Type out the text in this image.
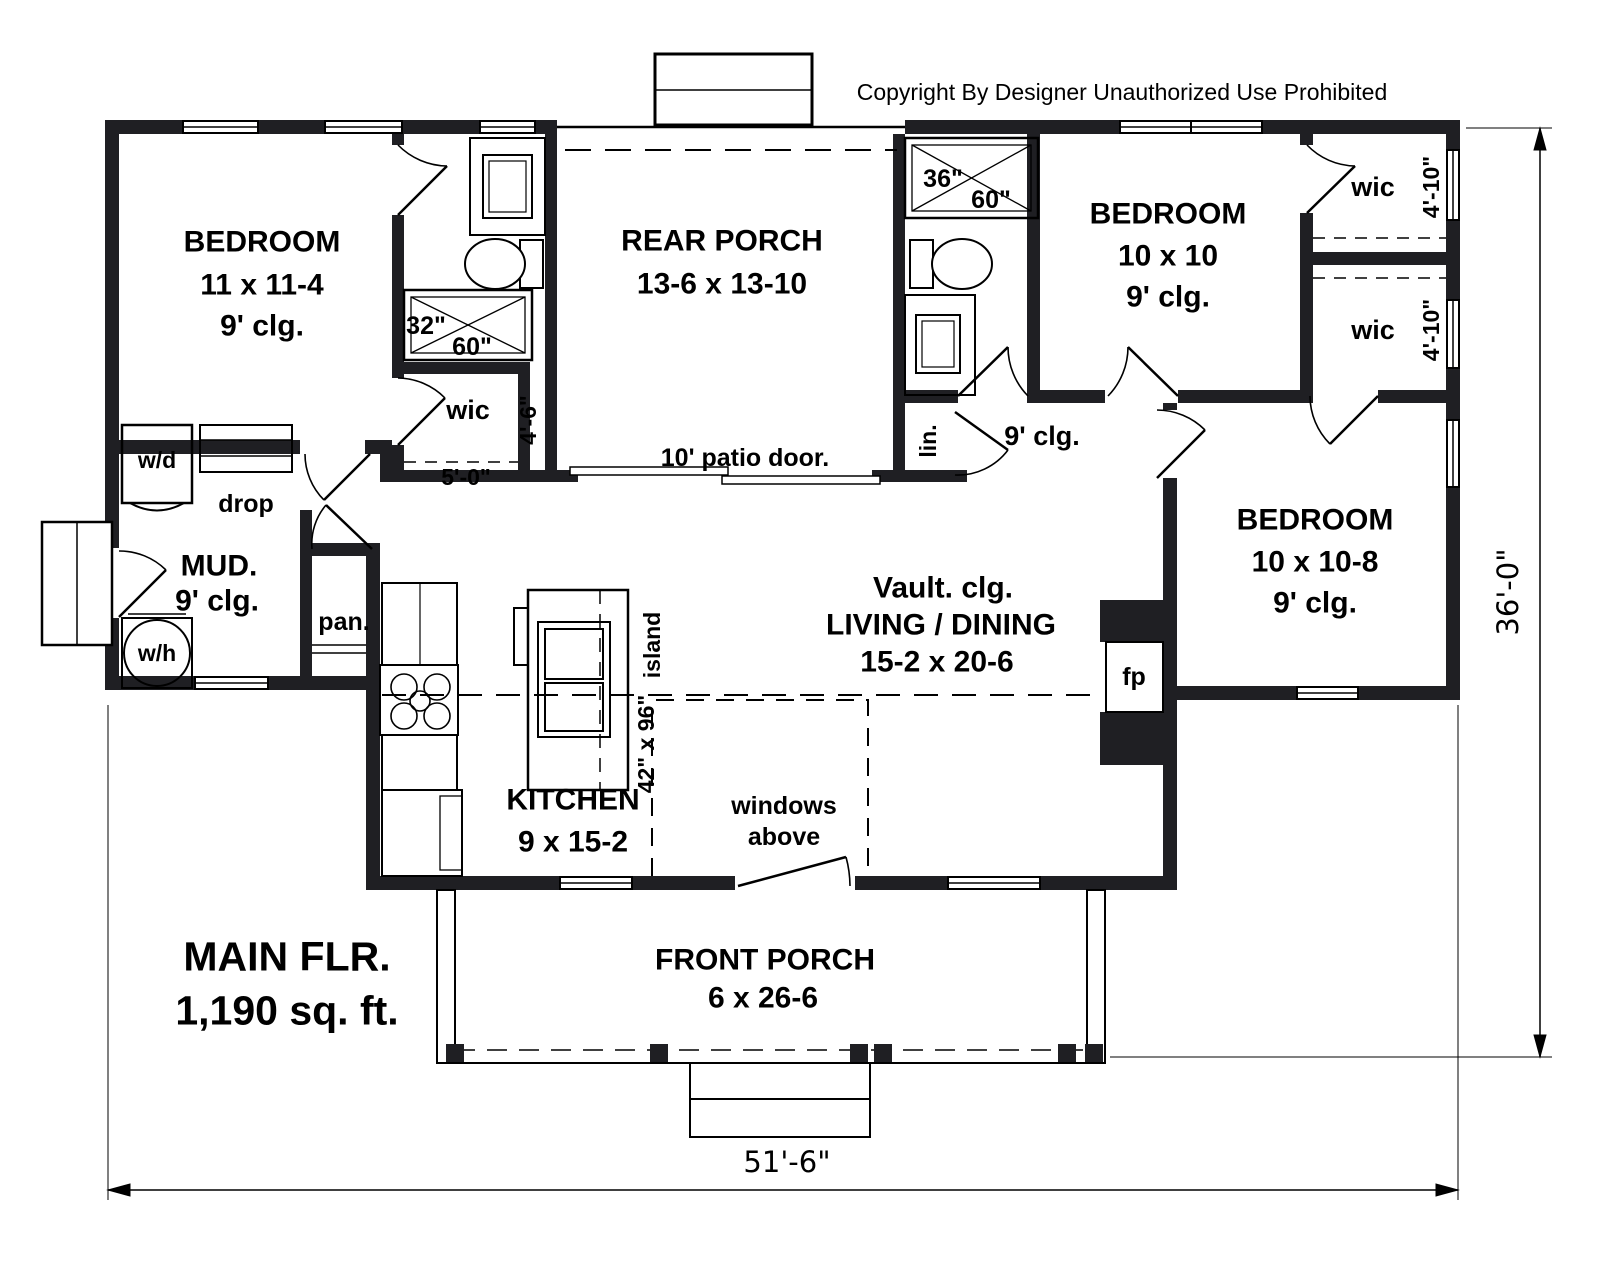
Copyright By Designer Unauthorized Use Prohibited
BEDROOM
11 x 11-4
9' clg.
REAR PORCH
13-6 x 13-10
BEDROOM
10 x 10
9' clg.
BEDROOM
10 x 10-8
9' clg.
Vault. clg.
LIVING / DINING
15-2 x 20-6
KITCHEN
9 x 15-2
MUD.
9' clg.
9' clg.
FRONT PORCH
6 x 26-6
MAIN FLR.
1,190 sq. ft.
wic
wic
wic
lin.
pan.
drop
w/d
w/h
fp
island
42" x 96"
32"
60"
36"
60"
10' patio door.
windows
above
4'-6"
5'-0"
4'-10"
4'-10"
51'-6"
36'-0"
